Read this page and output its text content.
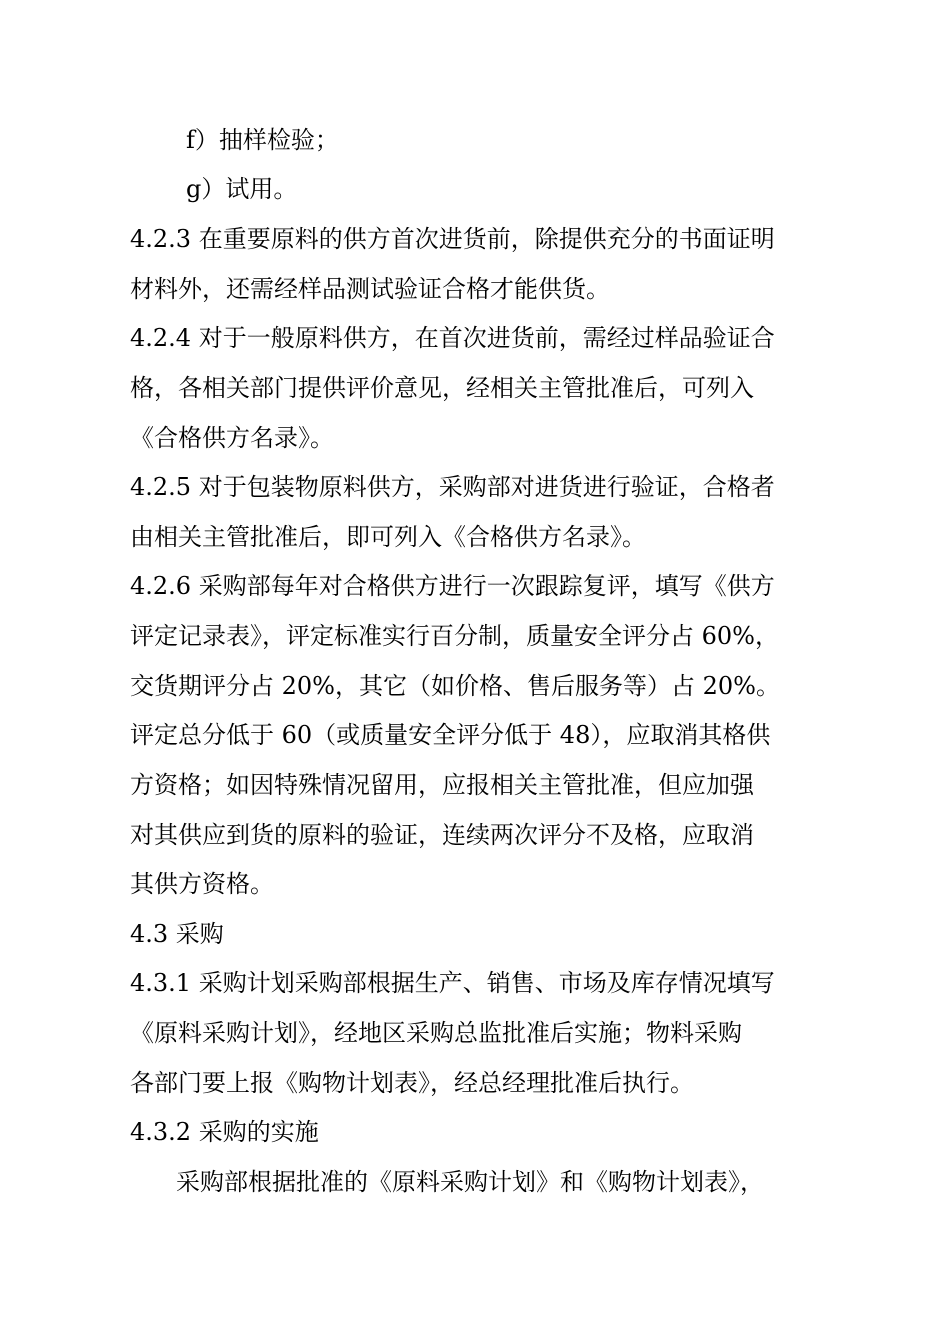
f）抽样检验；
g）试用。
4.2.3 在重要原料的供方首次进货前，除提供充分的书面证明
材料外，还需经样品测试验证合格才能供货。
4.2.4 对于一般原料供方，在首次进货前，需经过样品验证合
格，各相关部门提供评价意见，经相关主管批准后，可列入
《合格供方名录》。
4.2.5 对于包装物原料供方，采购部对进货进行验证，合格者
由相关主管批准后，即可列入《合格供方名录》。
4.2.6 采购部每年对合格供方进行一次跟踪复评，填写《供方
评定记录表》，评定标准实行百分制，质量安全评分占 60%，
交货期评分占 20%，其它（如价格、售后服务等）占 20%。
评定总分低于 60（或质量安全评分低于 48），应取消其格供
方资格；如因特殊情况留用，应报相关主管批准，但应加强
对其供应到货的原料的验证，连续两次评分不及格，应取消
其供方资格。
4.3 采购
4.3.1 采购计划采购部根据生产、销售、市场及库存情况填写
《原料采购计划》，经地区采购总监批准后实施；物料采购
各部门要上报《购物计划表》，经总经理批准后执行。
4.3.2 采购的实施
采购部根据批准的《原料采购计划》和《购物计划表》，
